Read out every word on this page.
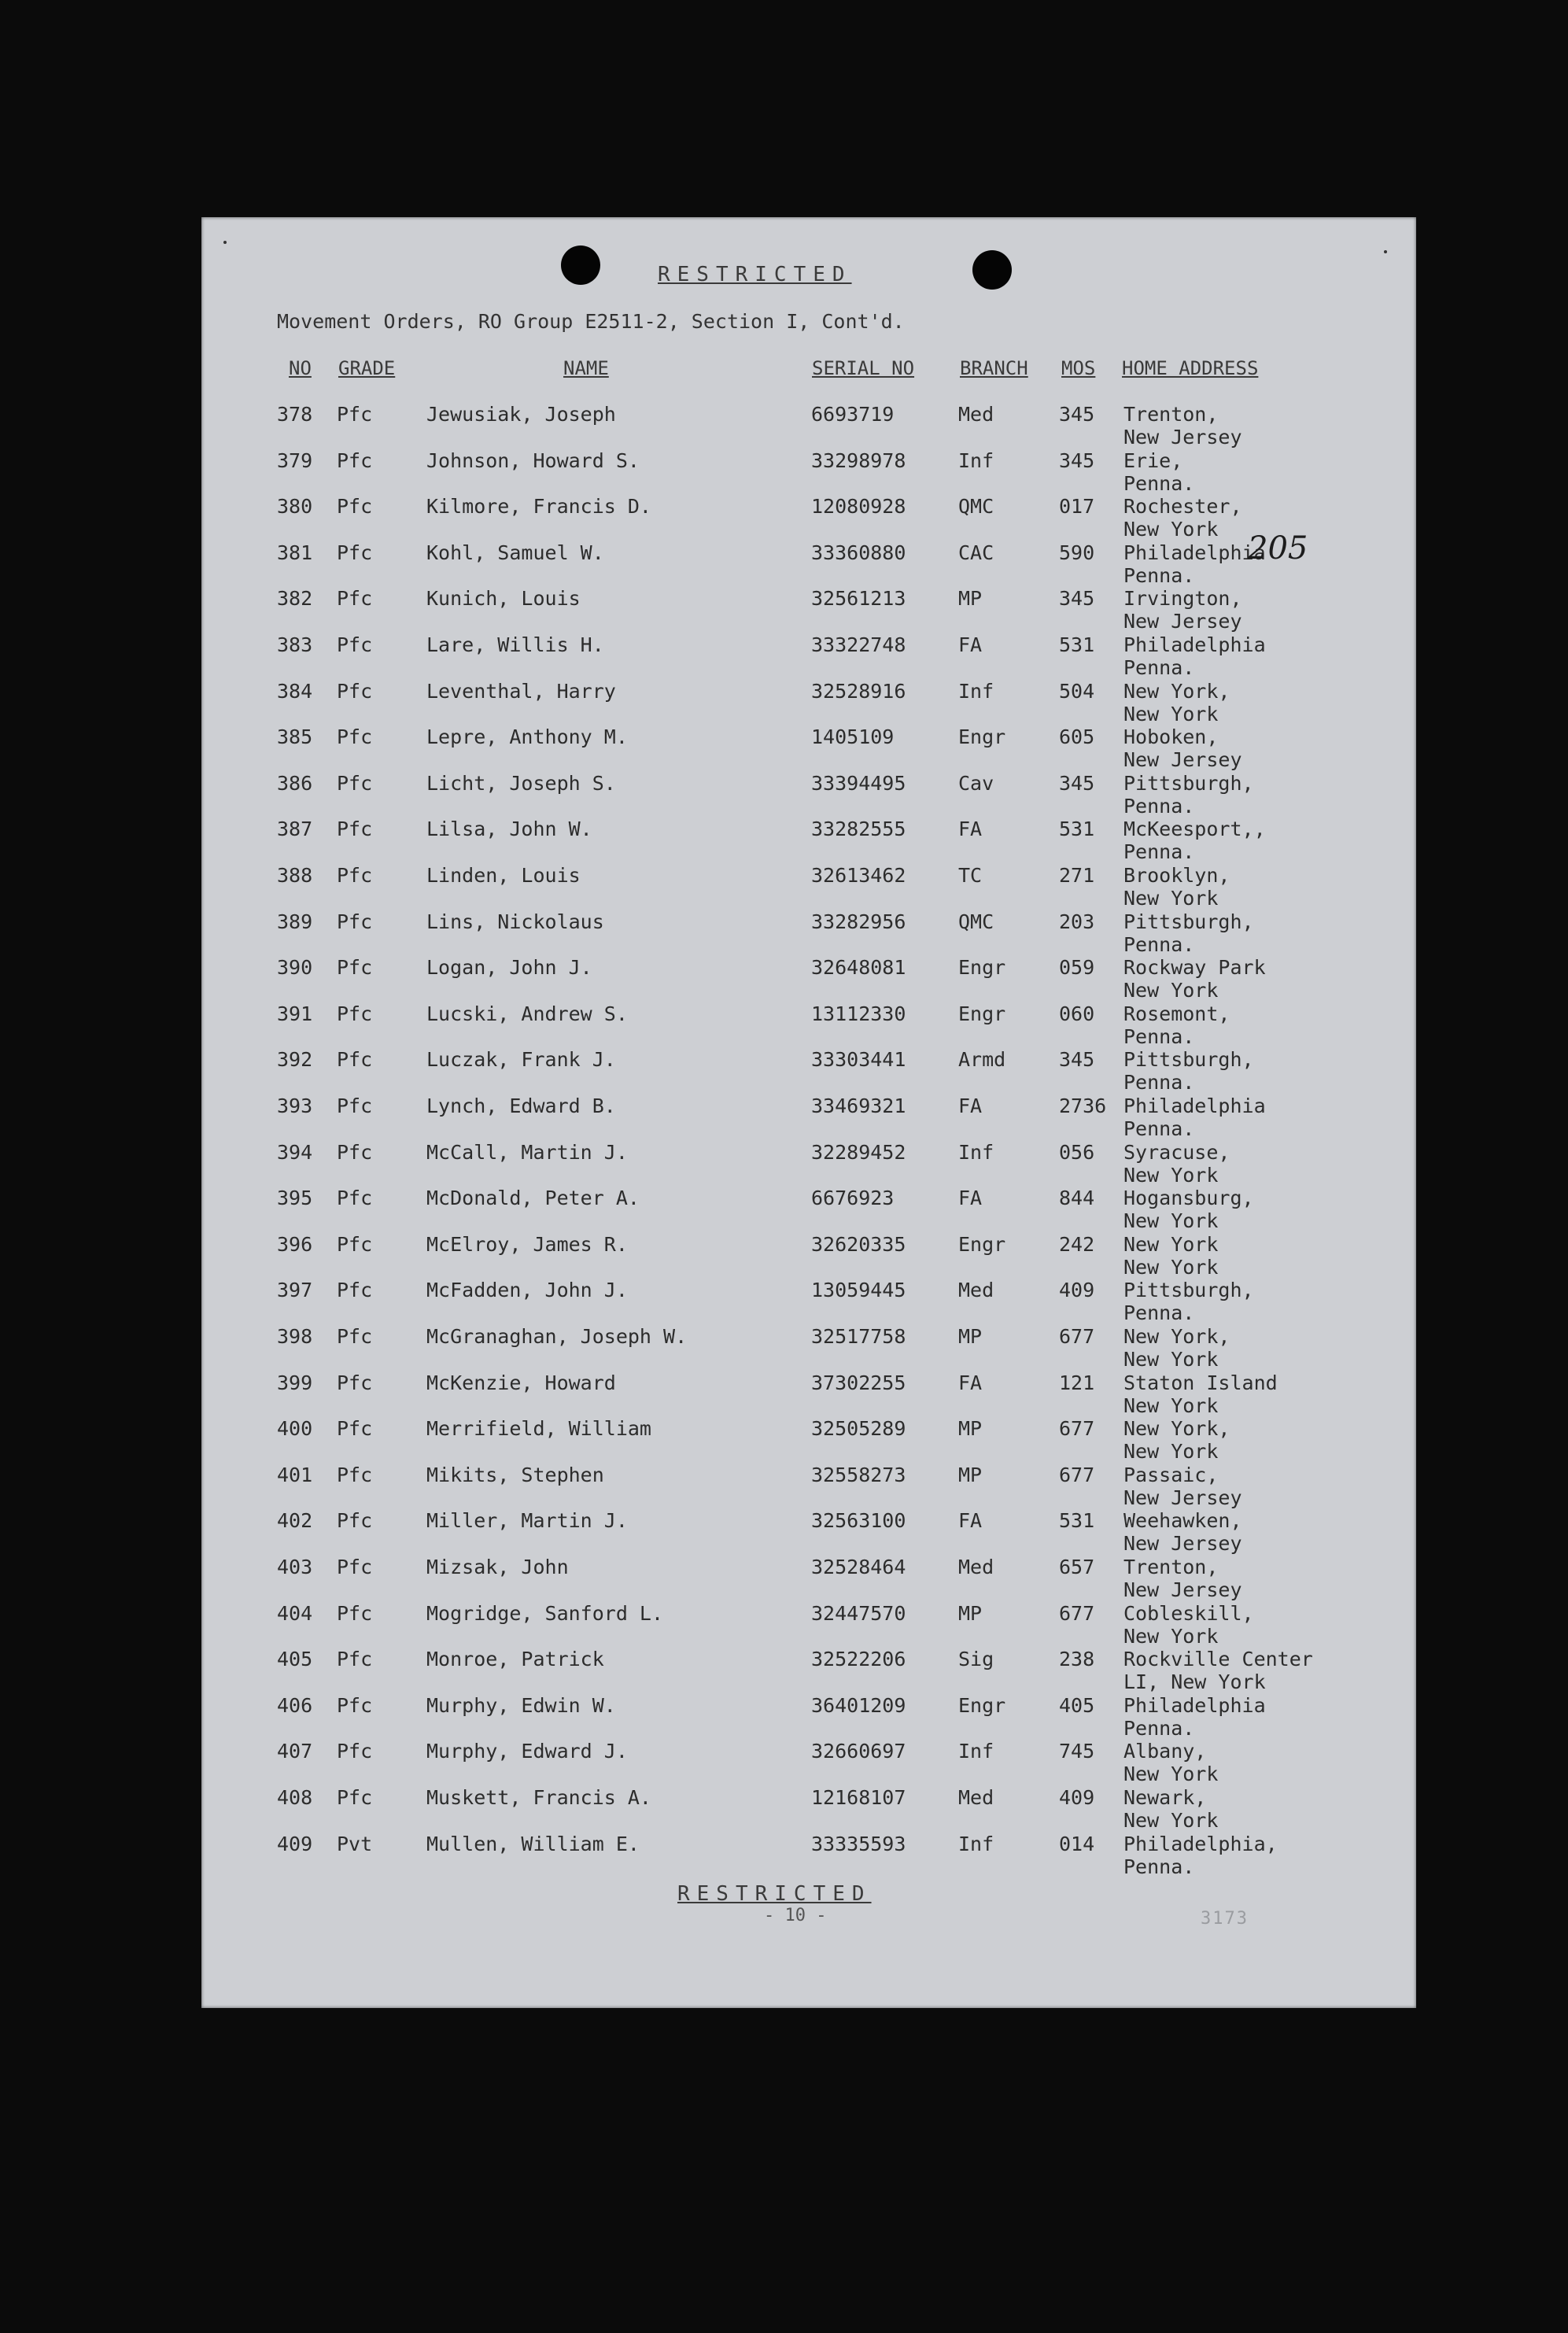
RESTRICTED
Movement Orders, RO Group E2511-2, Section I, Cont'd.
NO GRADE	NAME	SERIAL NO BRANCH MOS HOME ADDRESS
378 Pfc	Jewusiak, Joseph	6693719	Med	345 Trenton,
New Jersey
379 Pfc	Johnson, Howard S.	33298978	Inf	345 Erie,
Penna.
380 Pfc	Kilmore, Francis D.	12080928	QMC	017 Rochester,
New York
381 Pfc	Kohl, Samuel W.	33360880	CAC	590 Philadelphia
Penna.
382 Pfc	Kunich, Louis	32561213	MP	345 Irvington,
New Jersey
383 Pfc	Lare, Willis H.	33322748	FA	531 Philadelphia
Penna.
384 Pfc	Leventhal, Harry	32528916	Inf	504 New York,
New York
385 Pfc	Lepre, Anthony M.	1405109	Engr	605 Hoboken,
New Jersey
386 Pfc	Licht, Joseph S.	33394495	Cav	345 Pittsburgh,
Penna.
387 Pfc	Lilsa, John W.	33282555	FA	531 McKeesport,,
Penna.
388 Pfc	Linden, Louis	32613462	TC	271 Brooklyn,
New York
389 Pfc	Lins, Nickolaus	33282956	QMC	203 Pittsburgh,
Penna.
390 Pfc	Logan, John J.	32648081	Engr	059 Rockway Park
New York
391 Pfc	Lucski, Andrew S.	13112330	Engr	060 Rosemont,
Penna.
392 Pfc	Luczak, Frank J.	33303441	Armd	345 Pittsburgh,
Penna.
393 Pfc	Lynch, Edward B.	33469321	FA	2736 Philadelphia
Penna.
394 Pfc	McCall, Martin J.	32289452	Inf	056 Syracuse,
New York
395 Pfc	McDonald, Peter A.	6676923	FA	844 Hogansburg,
New York
396 Pfc	McElroy, James R.	32620335	Engr	242 New York
New York
397 Pfc	McFadden, John J.	13059445	Med	409 Pittsburgh,
Penna.
398 Pfc	McGranaghan, Joseph W.	32517758	MP	677 New York,
New York
399 Pfc	McKenzie, Howard	37302255	FA	121 Staton Island
New York
400 Pfc	Merrifield, William	32505289	MP	677 New York,
New York
401 Pfc	Mikits, Stephen	32558273	MP	677 Passaic,
New Jersey
402 Pfc	Miller, Martin J.	32563100	FA	531 Weehawken,
New Jersey
403 Pfc	Mizsak, John	32528464	Med	657 Trenton,
New Jersey
404 Pfc	Mogridge, Sanford L.	32447570	MP	677 Cobleskill,
New York
405 Pfc	Monroe, Patrick	32522206	Sig	238 Rockville Center
LI, New York
406 Pfc	Murphy, Edwin W.	36401209	Engr	405 Philadelphia
Penna.
407 Pfc	Murphy, Edward J.	32660697	Inf	745 Albany,
New York
408 Pfc	Muskett, Francis A.	12168107	Med	409 Newark,
New York
409 Pvt	Mullen, William E.	33335593	Inf	014 Philadelphia,
Penna.
205
RESTRICTED
- 10 -	3173
